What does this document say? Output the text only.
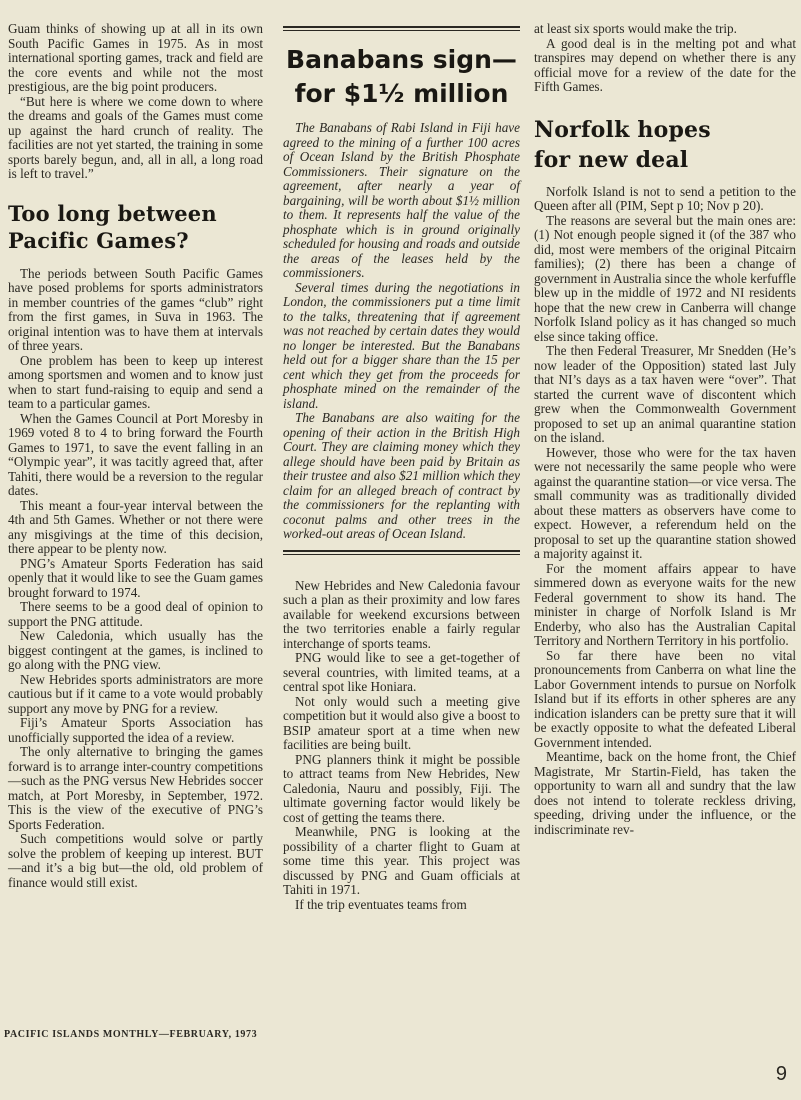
Guam thinks of showing up at all in its own South Pacific Games in 1975. As in most international sporting games, track and field are the core events and while not the most prestigious, are the big point producers.

“But here is where we come down to where the dreams and goals of the Games must come up against the hard crunch of reality. The facilities are not yet started, the training in some sports barely begun, and, all in all, a long road is left to travel.”

Too long between
Pacific Games?

The periods between South Pacific Games have posed problems for sports administrators in member countries of the games “club” right from the first games, in Suva in 1963. The original intention was to have them at intervals of three years.

One problem has been to keep up interest among sportsmen and women and to know just when to start fund-raising to equip and send a team to a particular games.

When the Games Council at Port Moresby in 1969 voted 8 to 4 to bring forward the Fourth Games to 1971, to save the event falling in an “Olympic year”, it was tacitly agreed that, after Tahiti, there would be a reversion to the regular dates.

This meant a four-year interval between the 4th and 5th Games. Whether or not there were any misgivings at the time of this decision, there appear to be plenty now.

PNG’s Amateur Sports Federation has said openly that it would like to see the Guam games brought forward to 1974.

There seems to be a good deal of opinion to support the PNG attitude.

New Caledonia, which usually has the biggest contingent at the games, is inclined to go along with the PNG view.

New Hebrides sports administrators are more cautious but if it came to a vote would probably support any move by PNG for a review.

Fiji’s Amateur Sports Association has unofficially supported the idea of a review.

The only alternative to bringing the games forward is to arrange inter-country competitions—such as the PNG versus New Hebrides soccer match, at Port Moresby, in September, 1972. This is the view of the executive of PNG’s Sports Federation.

Such competitions would solve or partly solve the problem of keeping up interest. BUT—and it’s a big but—the old, old problem of finance would still exist.

Banabans sign—
for $1½ million

The Banabans of Rabi Island in Fiji have agreed to the mining of a further 100 acres of Ocean Island by the British Phosphate Commissioners. Their signature on the agreement, after nearly a year of bargaining, will be worth about $1½ million to them. It represents half the value of the phosphate which is in ground originally scheduled for housing and roads and outside the areas of the leases held by the commissioners.

Several times during the negotiations in London, the commissioners put a time limit to the talks, threatening that if agreement was not reached by certain dates they would no longer be interested. But the Banabans held out for a bigger share than the 15 per cent which they get from the proceeds for phosphate mined on the remainder of the island.

The Banabans are also waiting for the opening of their action in the British High Court. They are claiming money which they allege should have been paid by Britain as their trustee and also $21 million which they claim for an alleged breach of contract by the commissioners for the replanting with coconut palms and other trees in the worked-out areas of Ocean Island.

New Hebrides and New Caledonia favour such a plan as their proximity and low fares available for weekend excursions between the two territories enable a fairly regular interchange of sports teams.

PNG would like to see a get-together of several countries, with limited teams, at a central spot like Honiara.

Not only would such a meeting give competition but it would also give a boost to BSIP amateur sport at a time when new facilities are being built.

PNG planners think it might be possible to attract teams from New Hebrides, New Caledonia, Nauru and possibly, Fiji. The ultimate governing factor would likely be cost of getting the teams there.

Meanwhile, PNG is looking at the possibility of a charter flight to Guam at some time this year. This project was discussed by PNG and Guam officials at Tahiti in 1971.

If the trip eventuates teams from

at least six sports would make the trip.

A good deal is in the melting pot and what transpires may depend on whether there is any official move for a review of the date for the Fifth Games.

Norfolk hopes
for new deal

Norfolk Island is not to send a petition to the Queen after all (PIM, Sept p 10; Nov p 20).

The reasons are several but the main ones are: (1) Not enough people signed it (of the 387 who did, most were members of the original Pitcairn families); (2) there has been a change of government in Australia since the whole kerfuffle blew up in the middle of 1972 and NI residents hope that the new crew in Canberra will change Norfolk Island policy as it has changed so much else since taking office.

The then Federal Treasurer, Mr Snedden (He’s now leader of the Opposition) stated last July that NI’s days as a tax haven were “over”. That started the current wave of discontent which grew when the Commonwealth Government proposed to set up an animal quarantine station on the island.

However, those who were for the tax haven were not necessarily the same people who were against the quarantine station—or vice versa. The small community was as traditionally divided about these matters as observers have come to expect. However, a referendum held on the proposal to set up the quarantine station showed a majority against it.

For the moment affairs appear to have simmered down as everyone waits for the new Federal government to show its hand. The minister in charge of Norfolk Island is Mr Enderby, who also has the Australian Capital Territory and Northern Territory in his portfolio.

So far there have been no vital pronouncements from Canberra on what line the Labor Government intends to pursue on Norfolk Island but if its efforts in other spheres are any indication islanders can be pretty sure that it will be exactly opposite to what the defeated Liberal Government intended.

Meantime, back on the home front, the Chief Magistrate, Mr Startin-Field, has taken the opportunity to warn all and sundry that the law does not intend to tolerate reckless driving, speeding, driving under the influence, or the indiscriminate rev-

PACIFIC ISLANDS MONTHLY—FEBRUARY, 1973
9
